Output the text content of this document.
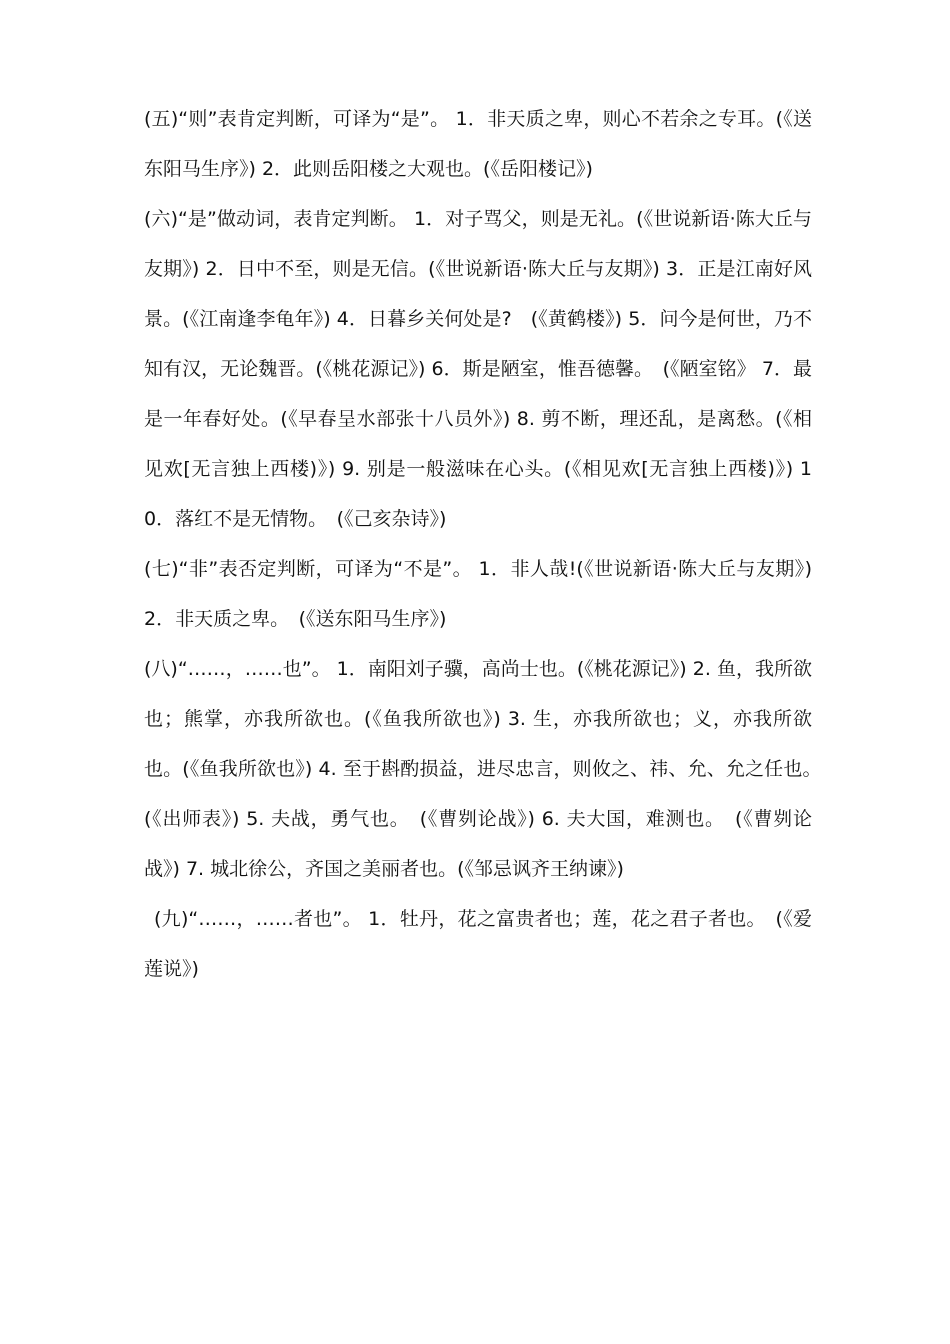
(五)“则”表肯定判断，可译为“是”。 1．非天质之卑，则心不若余之专耳。(《送东阳马生序》) 2．此则岳阳楼之大观也。(《岳阳楼记》)

(六)“是”做动词，表肯定判断。 1．对子骂父，则是无礼。(《世说新语·陈大丘与友期》) 2．日中不至，则是无信。(《世说新语·陈大丘与友期》) 3．正是江南好风景。(《江南逢李龟年》) 4．日暮乡关何处是?　(《黄鹤楼》) 5．问今是何世，乃不知有汉，无论魏晋。(《桃花源记》) 6．斯是陋室，惟吾德馨。　(《陋室铭》 7．最是一年春好处。(《早春呈水部张十八员外》) 8. 剪不断，理还乱，是离愁。(《相见欢[无言独上西楼)》) 9. 别是一般滋味在心头。(《相见欢[无言独上西楼)》) 10．落红不是无情物。　(《己亥杂诗》)

(七)“非”表否定判断，可译为“不是”。 1．非人哉!(《世说新语·陈大丘与友期》) 2．非天质之卑。　(《送东阳马生序》)

(八)“……，……也”。 1．南阳刘子骥，高尚士也。(《桃花源记》) 2. 鱼，我所欲也；熊掌，亦我所欲也。(《鱼我所欲也》) 3. 生，亦我所欲也；义，亦我所欲也。(《鱼我所欲也》) 4. 至于斟酌损益，进尽忠言，则攸之、祎、允、允之任也。　(《出师表》) 5. 夫战，勇气也。　(《曹刿论战》) 6. 夫大国，难测也。　(《曹刿论战》) 7. 城北徐公，齐国之美丽者也。(《邹忌讽齐王纳谏》)

(九)“……，……者也”。 1．牡丹，花之富贵者也；莲，花之君子者也。　(《爱莲说》)
